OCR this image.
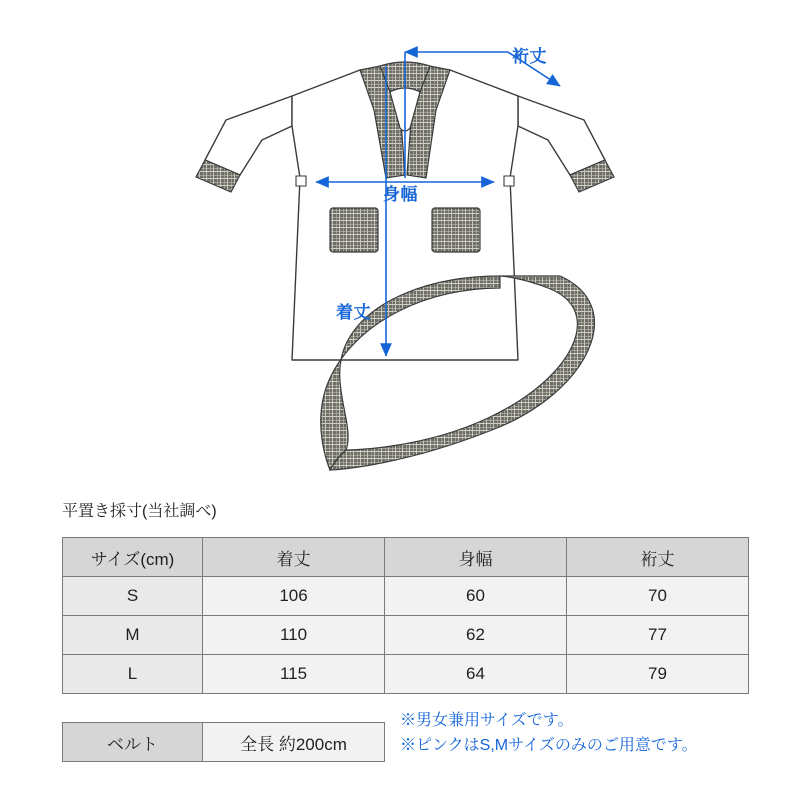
裄丈
身幅
着丈
平置き採寸(当社調べ)
サイズ(cm)	着丈	身幅	裄丈
S	106	60	70
M	110	62	77
L	115	64	79
ベルト	全長 約200cm
※男女兼用サイズです。
※ピンクはS,Mサイズのみのご用意です。
